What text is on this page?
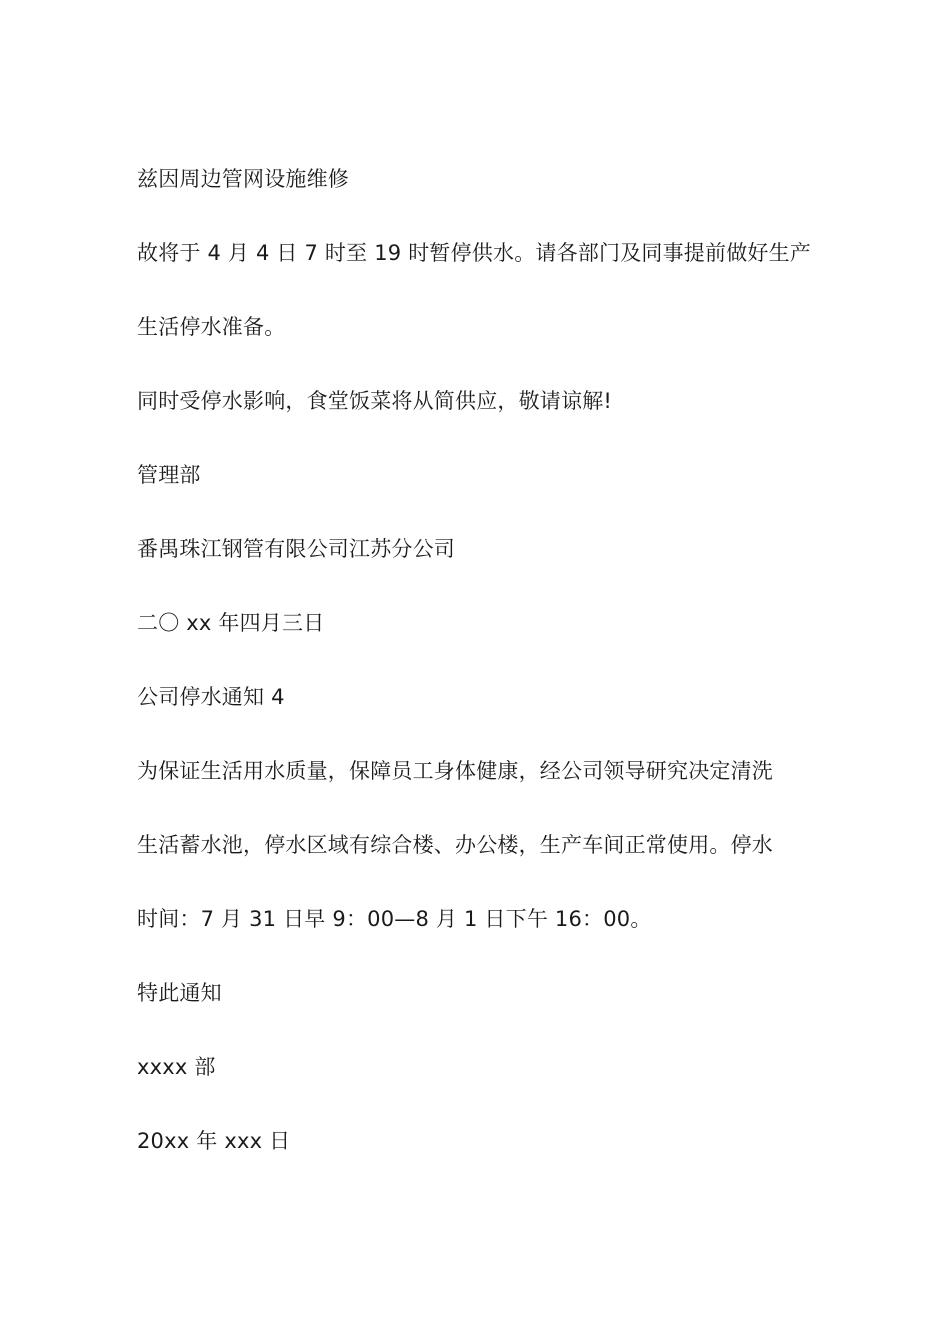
兹因周边管网设施维修
故将于 4 月 4 日 7 时至 19 时暂停供水。请各部门及同事提前做好生产
生活停水准备。
同时受停水影响，食堂饭菜将从简供应，敬请谅解!
管理部
番禺珠江钢管有限公司江苏分公司
二〇 xx 年四月三日
公司停水通知 4
为保证生活用水质量，保障员工身体健康，经公司领导研究决定清洗
生活蓄水池，停水区域有综合楼、办公楼，生产车间正常使用。停水
时间：7 月 31 日早 9：00—8 月 1 日下午 16：00。
特此通知
xxxx 部
20xx 年 xxx 日
